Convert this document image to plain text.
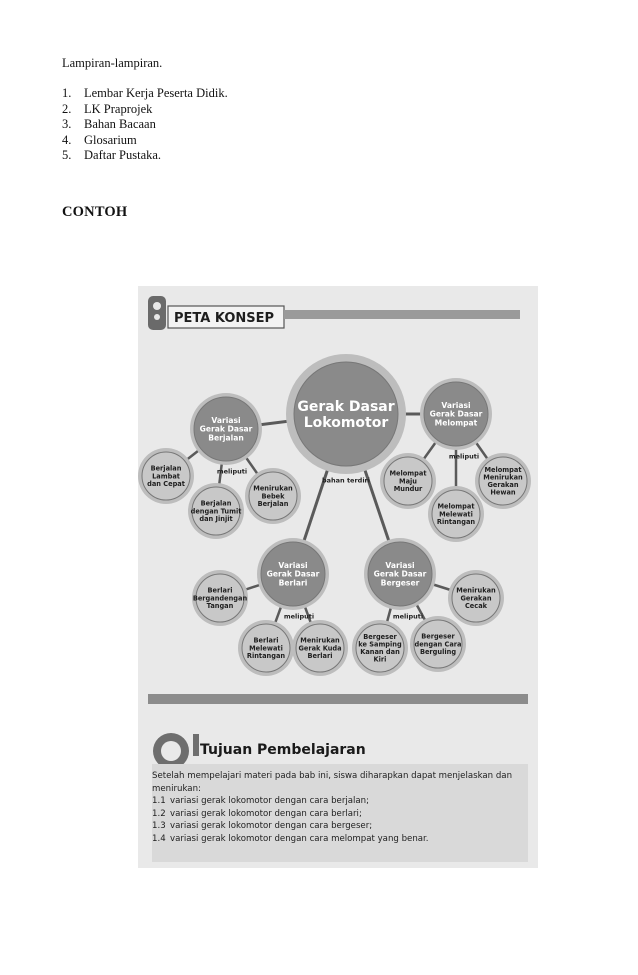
Lampiran-lampiran.
1. Lembar Kerja Peserta Didik.
2. LK Praprojek
3. Bahan Bacaan
4. Glosarium
5. Daftar Pustaka.
CONTOH
PETA KONSEP
Berjalan Lambat dan Cepat
Berjalan dengan Tumit dan Jinjit
Menirukan Bebek Berjalan
Melompat Maju Mundur
Melompat Melewati Rintangan
Melompat Menirukan Gerakan Hewan
Berlari Bergandengan Tangan
Berlari Melewati Rintangan
Menirukan Gerak Kuda Berlari
Bergeser ke Samping Kanan dan Kiri
Bergeser dengan Cara Berguling
Menirukan Gerakan Cecak
Variasi Gerak Dasar Berjalan
meliputi
Variasi Gerak Dasar Melompat
meliputi
Variasi Gerak Dasar Berlari
meliputi
Variasi Gerak Dasar Bergeser
meliputi
Gerak Dasar Lokomotor
bahan terdiri
Tujuan Pembelajaran
Setelah mempelajari materi pada bab ini, siswa diharapkan dapat menjelaskan dan menirukan:
1.1 variasi gerak lokomotor dengan cara berjalan;
1.2 variasi gerak lokomotor dengan cara berlari;
1.3 variasi gerak lokomotor dengan cara bergeser;
1.4 variasi gerak lokomotor dengan cara melompat yang benar.
